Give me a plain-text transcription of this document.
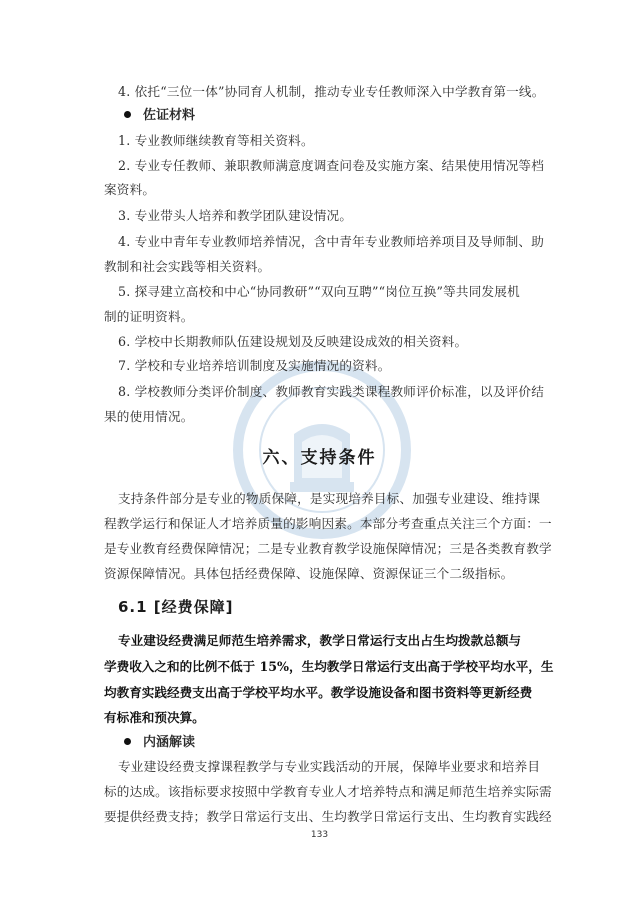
4. 依托“三位一体”协同育人机制，推动专业专任教师深入中学教育第一线。
佐证材料
1. 专业教师继续教育等相关资料。
2. 专业专任教师、兼职教师满意度调查问卷及实施方案、结果使用情况等档
案资料。
3. 专业带头人培养和教学团队建设情况。
4. 专业中青年专业教师培养情况，含中青年专业教师培养项目及导师制、助
教制和社会实践等相关资料。
5. 探寻建立高校和中心“协同教研”“双向互聘”“岗位互换”等共同发展机
制的证明资料。
6. 学校中长期教师队伍建设规划及反映建设成效的相关资料。
7. 学校和专业培养培训制度及实施情况的资料。
8. 学校教师分类评价制度、教师教育实践类课程教师评价标准，以及评价结
果的使用情况。
六、支持条件
支持条件部分是专业的物质保障，是实现培养目标、加强专业建设、维持课
程教学运行和保证人才培养质量的影响因素。本部分考查重点关注三个方面：一
是专业教育经费保障情况；二是专业教育教学设施保障情况；三是各类教育教学
资源保障情况。具体包括经费保障、设施保障、资源保证三个二级指标。
6.1 [经费保障]
专业建设经费满足师范生培养需求，教学日常运行支出占生均拨款总额与
学费收入之和的比例不低于 15%，生均教学日常运行支出高于学校平均水平，生
均教育实践经费支出高于学校平均水平。教学设施设备和图书资料等更新经费
有标准和预决算。
内涵解读
专业建设经费支撑课程教学与专业实践活动的开展，保障毕业要求和培养目
标的达成。该指标要求按照中学教育专业人才培养特点和满足师范生培养实际需
要提供经费支持；教学日常运行支出、生均教学日常运行支出、生均教育实践经
133
